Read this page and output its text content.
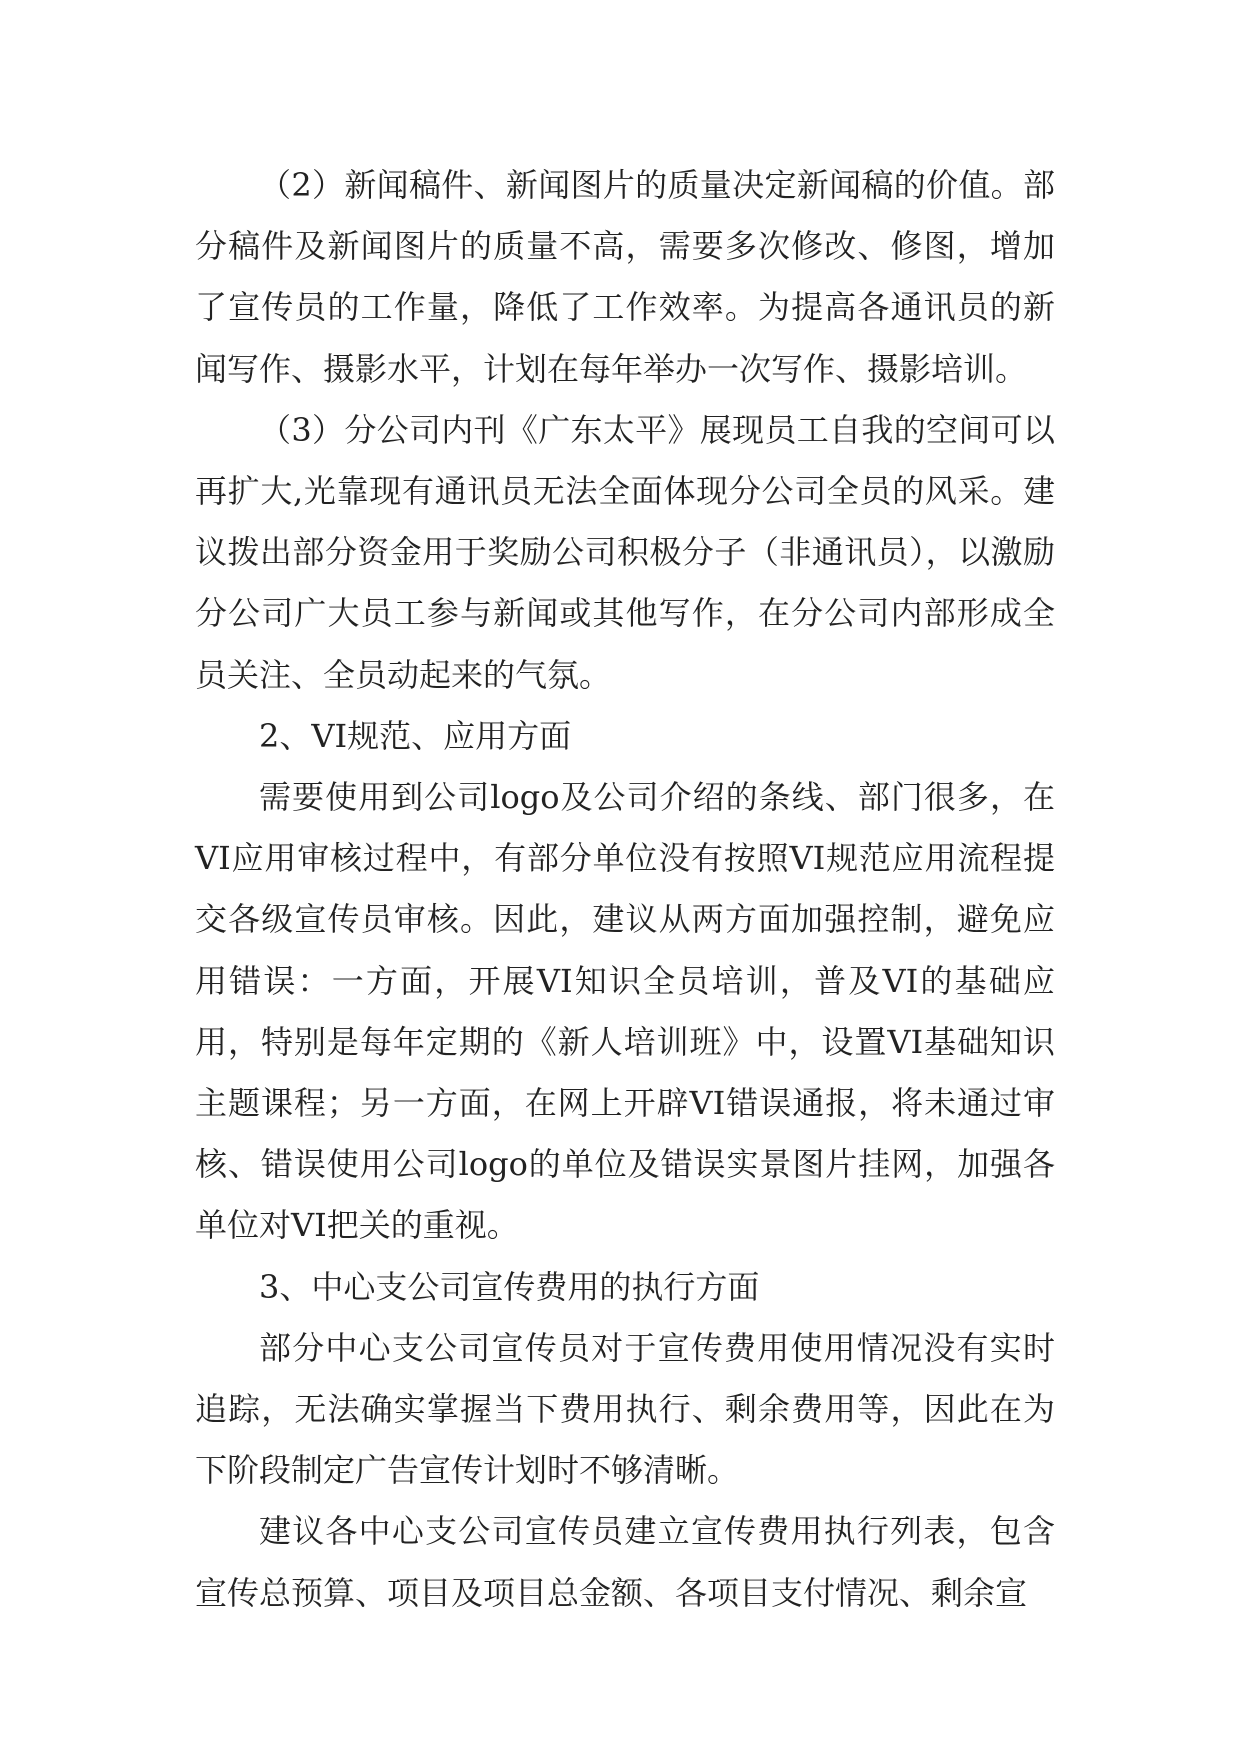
（2）新闻稿件、新闻图片的质量决定新闻稿的价值。部分稿件及新闻图片的质量不高，需要多次修改、修图，增加了宣传员的工作量，降低了工作效率。为提高各通讯员的新闻写作、摄影水平，计划在每年举办一次写作、摄影培训。

（3）分公司内刊《广东太平》展现员工自我的空间可以再扩大,光靠现有通讯员无法全面体现分公司全员的风采。建议拨出部分资金用于奖励公司积极分子（非通讯员），以激励分公司广大员工参与新闻或其他写作，在分公司内部形成全员关注、全员动起来的气氛。

2、VI规范、应用方面

需要使用到公司logo及公司介绍的条线、部门很多，在VI应用审核过程中，有部分单位没有按照VI规范应用流程提交各级宣传员审核。因此，建议从两方面加强控制，避免应用错误：一方面，开展VI知识全员培训，普及VI的基础应用，特别是每年定期的《新人培训班》中，设置VI基础知识主题课程；另一方面，在网上开辟VI错误通报，将未通过审核、错误使用公司logo的单位及错误实景图片挂网，加强各单位对VI把关的重视。

3、中心支公司宣传费用的执行方面

部分中心支公司宣传员对于宣传费用使用情况没有实时追踪，无法确实掌握当下费用执行、剩余费用等，因此在为下阶段制定广告宣传计划时不够清晰。

建议各中心支公司宣传员建立宣传费用执行列表，包含宣传总预算、项目及项目总金额、各项目支付情况、剩余宣
